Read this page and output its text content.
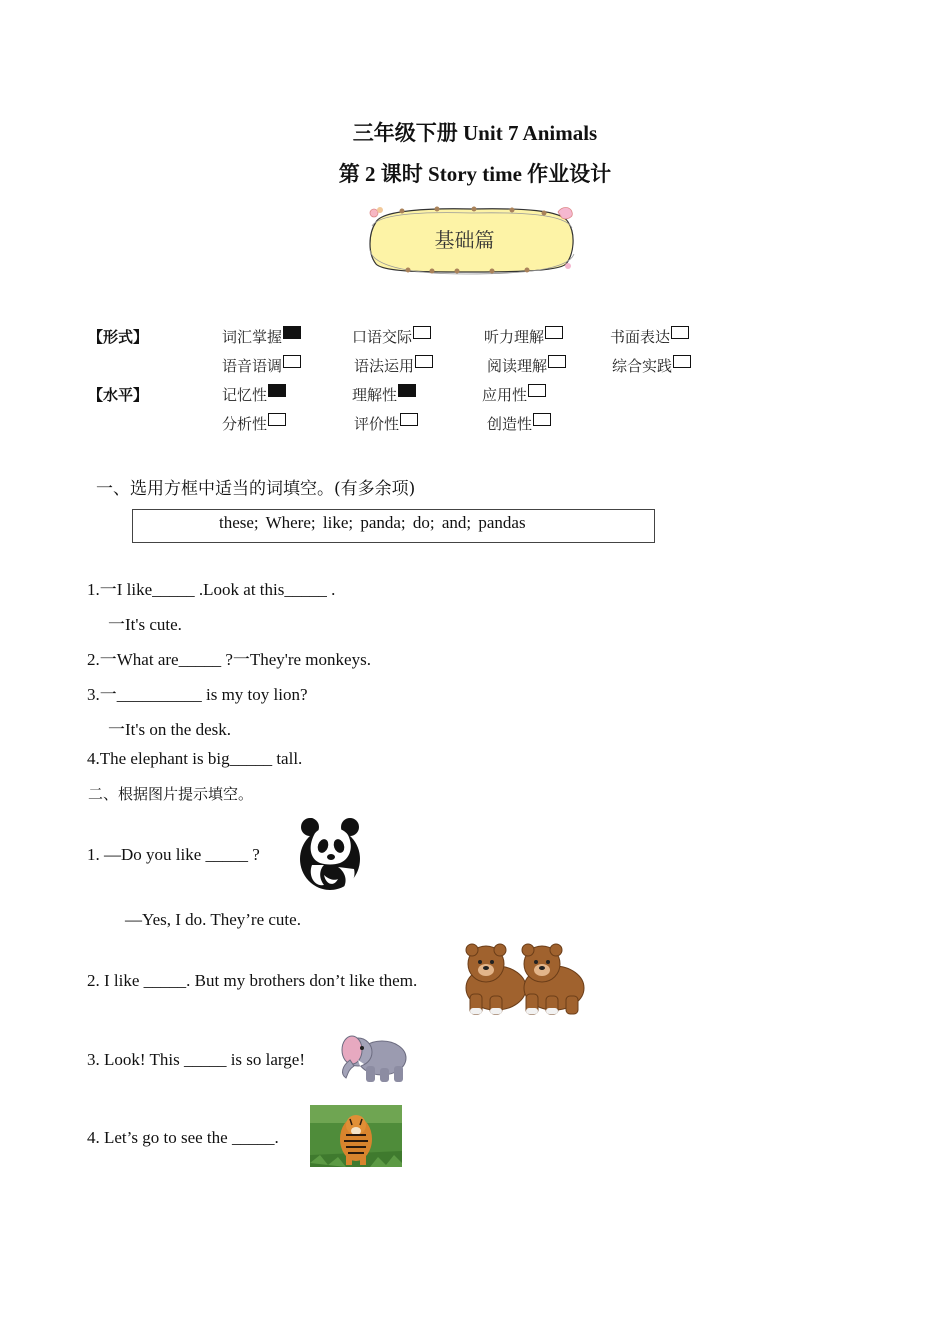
三年级下册 Unit 7 Animals
第 2 课时 Story time 作业设计
基础篇
【形式】	词汇掌握	口语交际	听力理解	书面表达
语音语调	语法运用	阅读理解	综合实践
【水平】	记忆性	理解性	应用性
分析性	评价性	创造性
一、选用方框中适当的词填空。(有多余项)
these; Where; like; panda; do; and; pandas
1.一I like_____ .Look at this_____ .
一It's cute.
2.一What are_____ ?一They're monkeys.
3.一__________ is my toy lion?
一It's on the desk.
4.The elephant is big_____ tall.
二、根据图片提示填空。
1. —Do you like _____ ?
—Yes, I do. They’re cute.
2. I like _____. But my brothers don’t like them.
3. Look! This _____ is so large!
4. Let’s go to see the _____.
